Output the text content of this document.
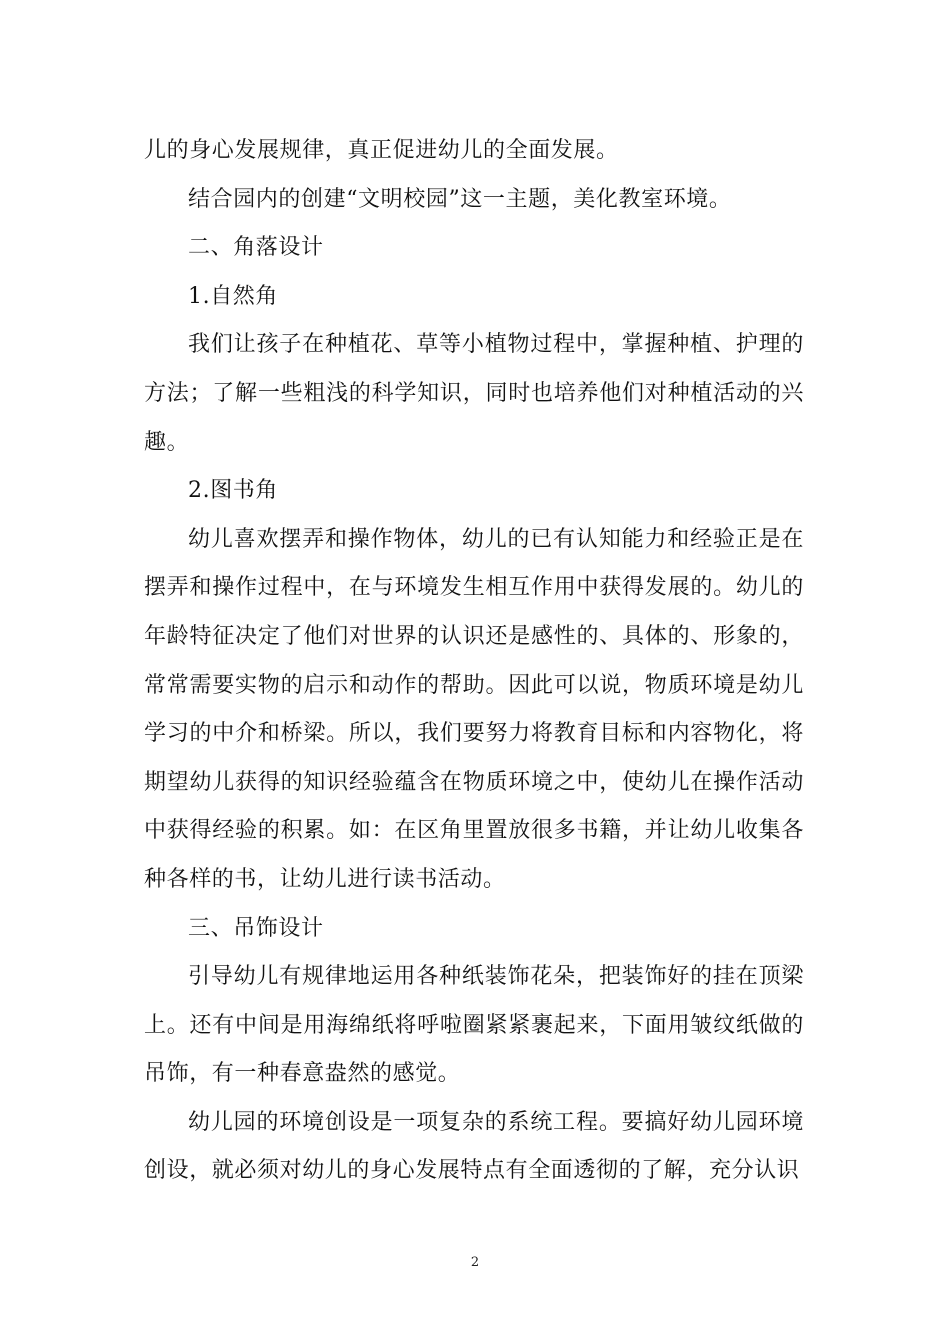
儿的身心发展规律，真正促进幼儿的全面发展。

结合园内的创建“文明校园”这一主题，美化教室环境。

二、角落设计

1.自然角

我们让孩子在种植花、草等小植物过程中，掌握种植、护理的方法；了解一些粗浅的科学知识，同时也培养他们对种植活动的兴趣。

2.图书角

幼儿喜欢摆弄和操作物体，幼儿的已有认知能力和经验正是在摆弄和操作过程中，在与环境发生相互作用中获得发展的。幼儿的年龄特征决定了他们对世界的认识还是感性的、具体的、形象的，常常需要实物的启示和动作的帮助。因此可以说，物质环境是幼儿学习的中介和桥梁。所以，我们要努力将教育目标和内容物化，将期望幼儿获得的知识经验蕴含在物质环境之中，使幼儿在操作活动中获得经验的积累。如：在区角里置放很多书籍，并让幼儿收集各种各样的书，让幼儿进行读书活动。

三、吊饰设计

引导幼儿有规律地运用各种纸装饰花朵，把装饰好的挂在顶梁上。还有中间是用海绵纸将呼啦圈紧紧裹起来，下面用皱纹纸做的吊饰，有一种春意盎然的感觉。

幼儿园的环境创设是一项复杂的系统工程。要搞好幼儿园环境创设，就必须对幼儿的身心发展特点有全面透彻的了解，充分认识

2
